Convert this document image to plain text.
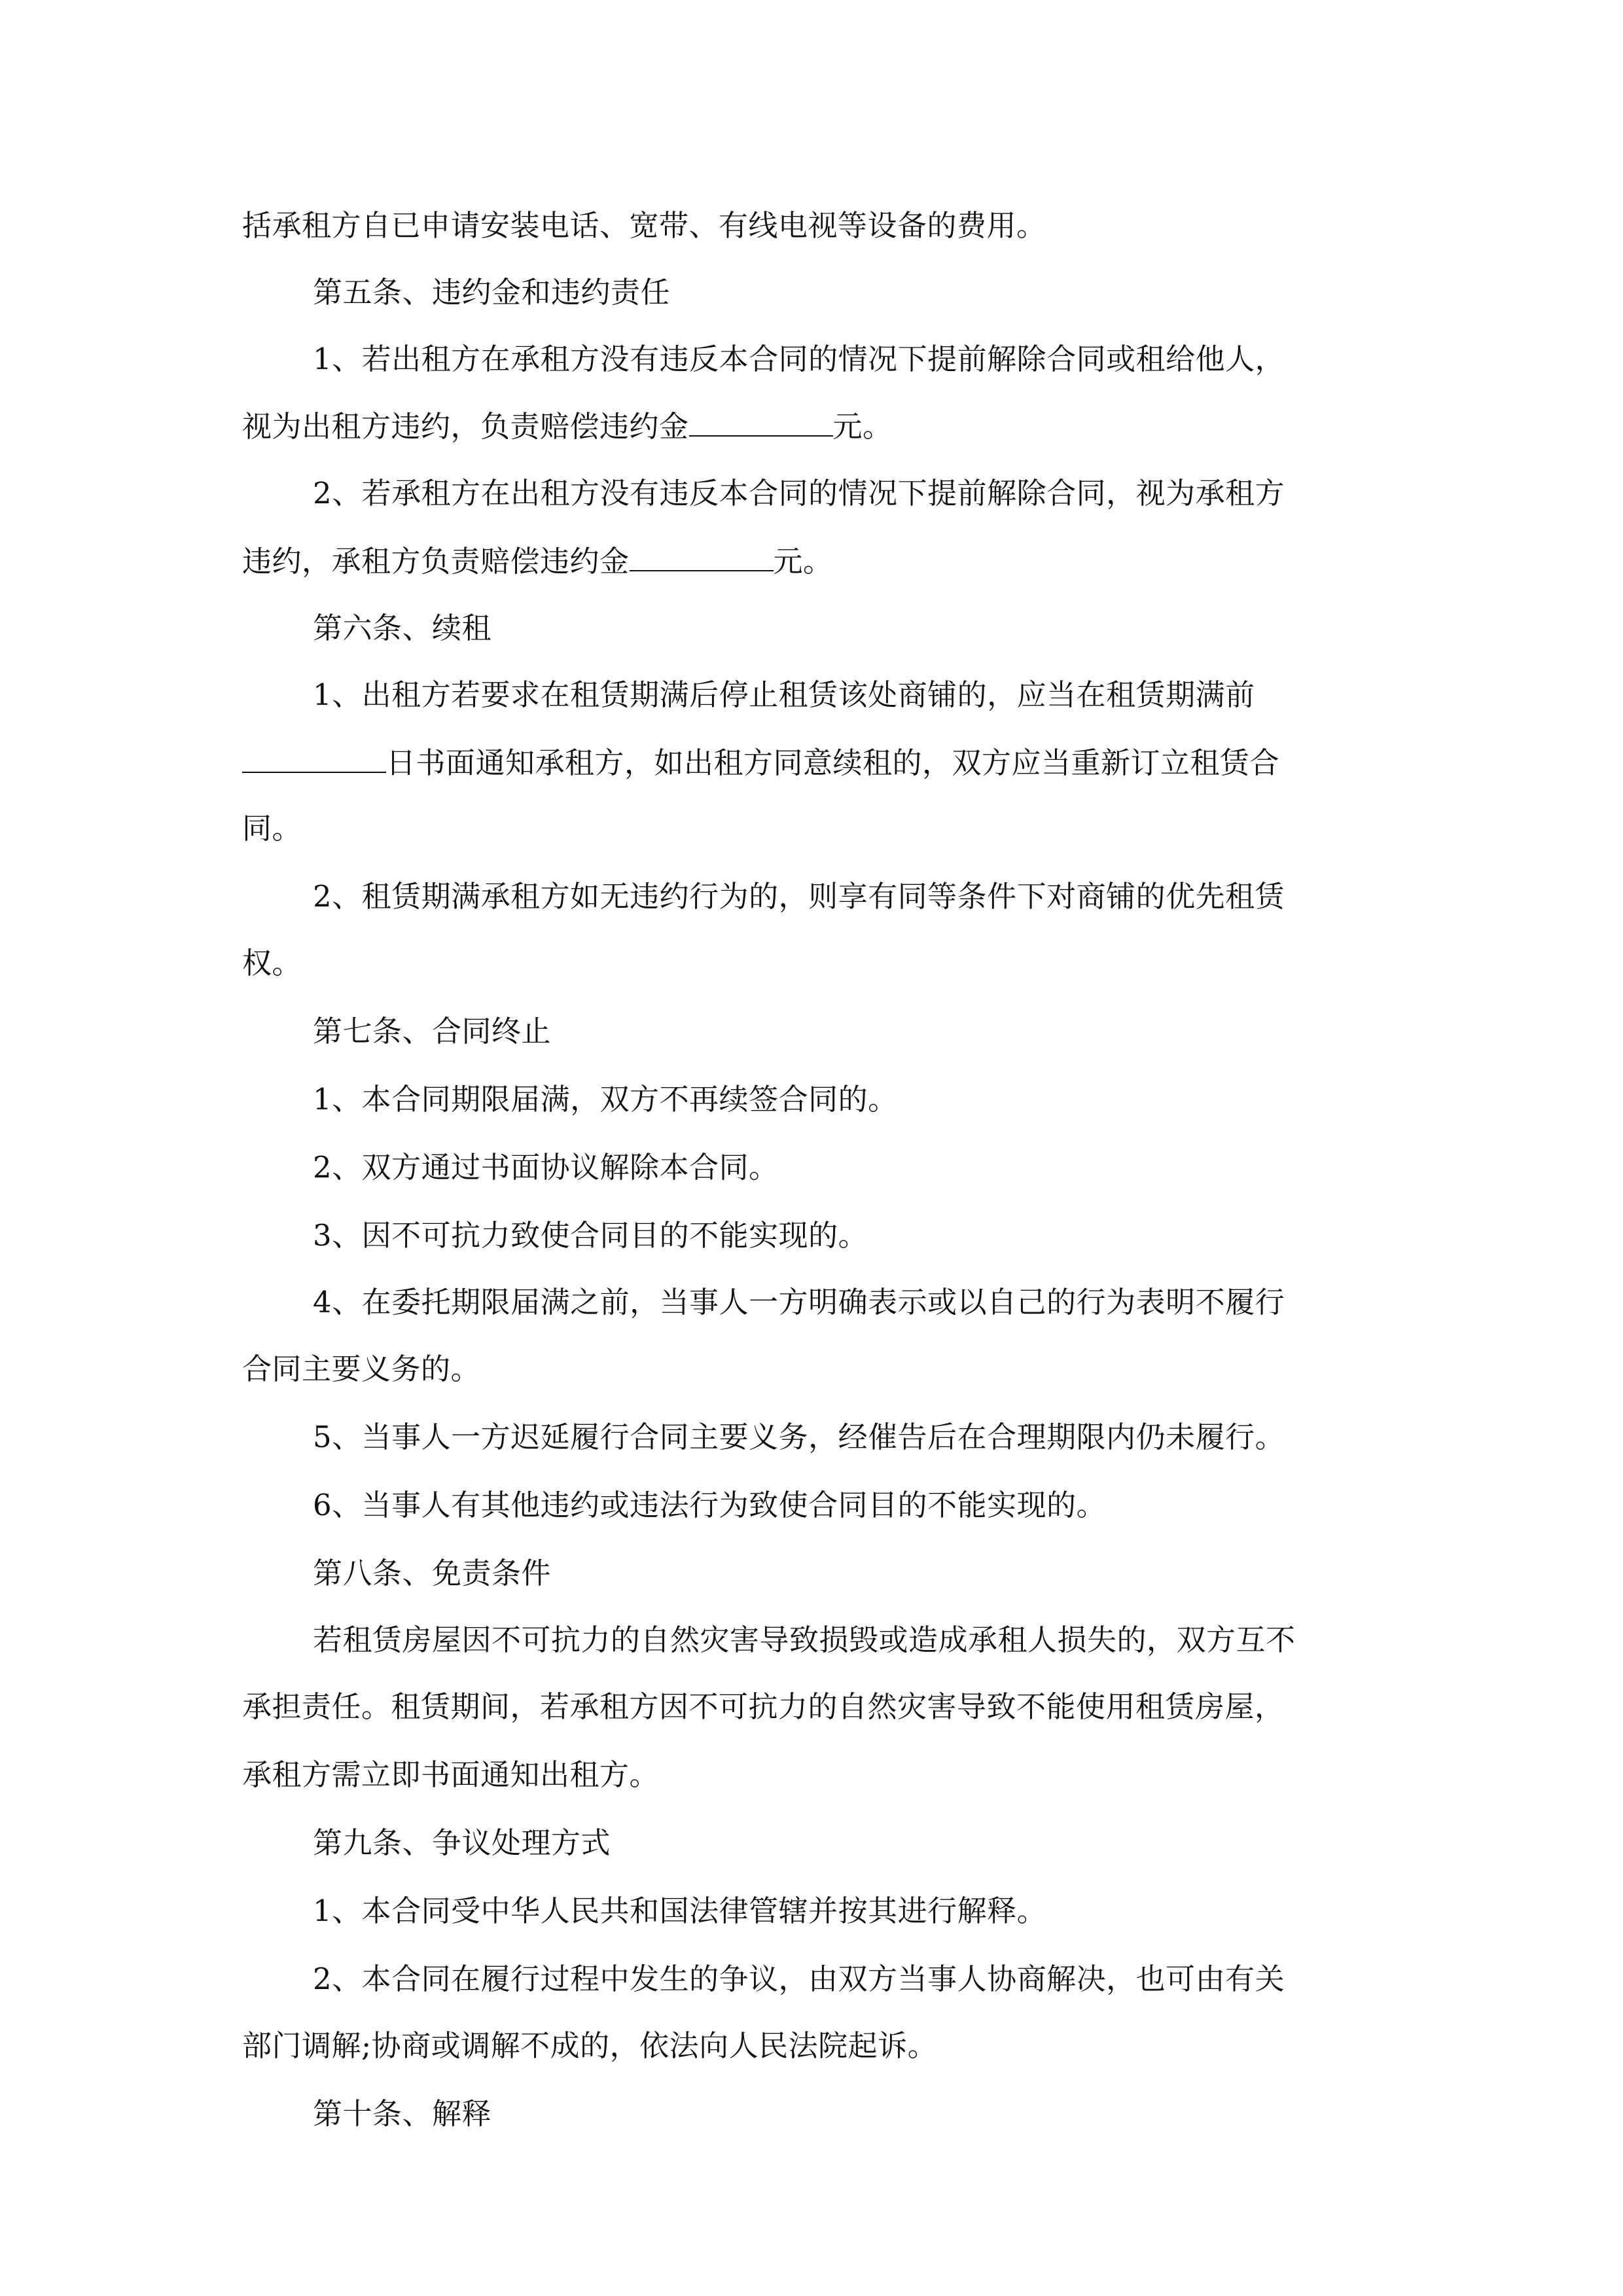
括承租方自已申请安装电话、宽带、有线电视等设备的费用。
第五条、违约金和违约责任
1、若出租方在承租方没有违反本合同的情况下提前解除合同或租给他人，
视为出租方违约，负责赔偿违约金	元。
2、若承租方在出租方没有违反本合同的情况下提前解除合同，视为承租方
违约，承租方负责赔偿违约金	元。
第六条、续租
1、出租方若要求在租赁期满后停止租赁该处商铺的，应当在租赁期满前
日书面通知承租方，如出租方同意续租的，双方应当重新订立租赁合
同。
2、租赁期满承租方如无违约行为的，则享有同等条件下对商铺的优先租赁
权。
第七条、合同终止
1、本合同期限届满，双方不再续签合同的。
2、双方通过书面协议解除本合同。
3、因不可抗力致使合同目的不能实现的。
4、在委托期限届满之前，当事人一方明确表示或以自己的行为表明不履行
合同主要义务的。
5、当事人一方迟延履行合同主要义务，经催告后在合理期限内仍未履行。
6、当事人有其他违约或违法行为致使合同目的不能实现的。
第八条、免责条件
若租赁房屋因不可抗力的自然灾害导致损毁或造成承租人损失的，双方互不
承担责任。租赁期间，若承租方因不可抗力的自然灾害导致不能使用租赁房屋，
承租方需立即书面通知出租方。
第九条、争议处理方式
1、本合同受中华人民共和国法律管辖并按其进行解释。
2、本合同在履行过程中发生的争议，由双方当事人协商解决，也可由有关
部门调解;协商或调解不成的，依法向人民法院起诉。
第十条、解释
